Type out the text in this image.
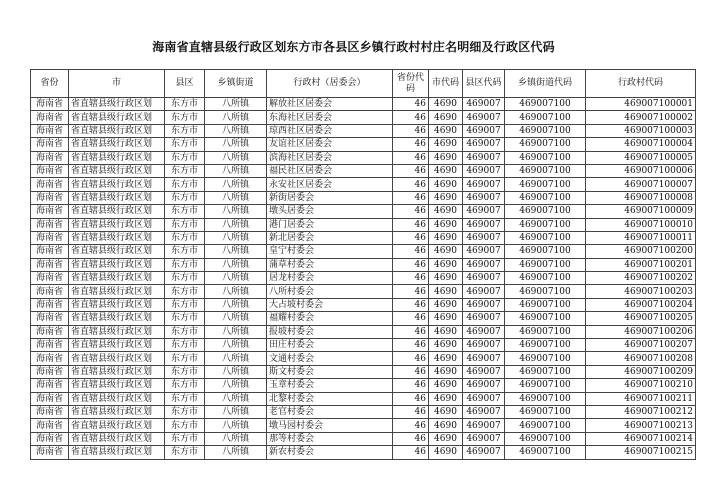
海南省直辖县级行政区划东方市各县区乡镇行政村村庄名明细及行政区代码
省份	市	县区	乡镇街道	行政村（居委会）	省份代码	市代码	县区代码	乡镇街道代码	行政村代码
海南省	省直辖县级行政区划	东方市	八所镇	解放社区居委会	46	4690	469007	469007100	469007100001
海南省	省直辖县级行政区划	东方市	八所镇	东海社区居委会	46	4690	469007	469007100	469007100002
海南省	省直辖县级行政区划	东方市	八所镇	琼西社区居委会	46	4690	469007	469007100	469007100003
海南省	省直辖县级行政区划	东方市	八所镇	友谊社区居委会	46	4690	469007	469007100	469007100004
海南省	省直辖县级行政区划	东方市	八所镇	滨海社区居委会	46	4690	469007	469007100	469007100005
海南省	省直辖县级行政区划	东方市	八所镇	福民社区居委会	46	4690	469007	469007100	469007100006
海南省	省直辖县级行政区划	东方市	八所镇	永安社区居委会	46	4690	469007	469007100	469007100007
海南省	省直辖县级行政区划	东方市	八所镇	新街居委会	46	4690	469007	469007100	469007100008
海南省	省直辖县级行政区划	东方市	八所镇	墩头居委会	46	4690	469007	469007100	469007100009
海南省	省直辖县级行政区划	东方市	八所镇	港门居委会	46	4690	469007	469007100	469007100010
海南省	省直辖县级行政区划	东方市	八所镇	新北居委会	46	4690	469007	469007100	469007100011
海南省	省直辖县级行政区划	东方市	八所镇	皇宁村委会	46	4690	469007	469007100	469007100200
海南省	省直辖县级行政区划	东方市	八所镇	蒲草村委会	46	4690	469007	469007100	469007100201
海南省	省直辖县级行政区划	东方市	八所镇	居龙村委会	46	4690	469007	469007100	469007100202
海南省	省直辖县级行政区划	东方市	八所镇	八所村委会	46	4690	469007	469007100	469007100203
海南省	省直辖县级行政区划	东方市	八所镇	大占坡村委会	46	4690	469007	469007100	469007100204
海南省	省直辖县级行政区划	东方市	八所镇	福耀村委会	46	4690	469007	469007100	469007100205
海南省	省直辖县级行政区划	东方市	八所镇	报坡村委会	46	4690	469007	469007100	469007100206
海南省	省直辖县级行政区划	东方市	八所镇	田庄村委会	46	4690	469007	469007100	469007100207
海南省	省直辖县级行政区划	东方市	八所镇	文通村委会	46	4690	469007	469007100	469007100208
海南省	省直辖县级行政区划	东方市	八所镇	斯文村委会	46	4690	469007	469007100	469007100209
海南省	省直辖县级行政区划	东方市	八所镇	玉章村委会	46	4690	469007	469007100	469007100210
海南省	省直辖县级行政区划	东方市	八所镇	北黎村委会	46	4690	469007	469007100	469007100211
海南省	省直辖县级行政区划	东方市	八所镇	老官村委会	46	4690	469007	469007100	469007100212
海南省	省直辖县级行政区划	东方市	八所镇	墩马园村委会	46	4690	469007	469007100	469007100213
海南省	省直辖县级行政区划	东方市	八所镇	那等村委会	46	4690	469007	469007100	469007100214
海南省	省直辖县级行政区划	东方市	八所镇	新农村委会	46	4690	469007	469007100	469007100215
